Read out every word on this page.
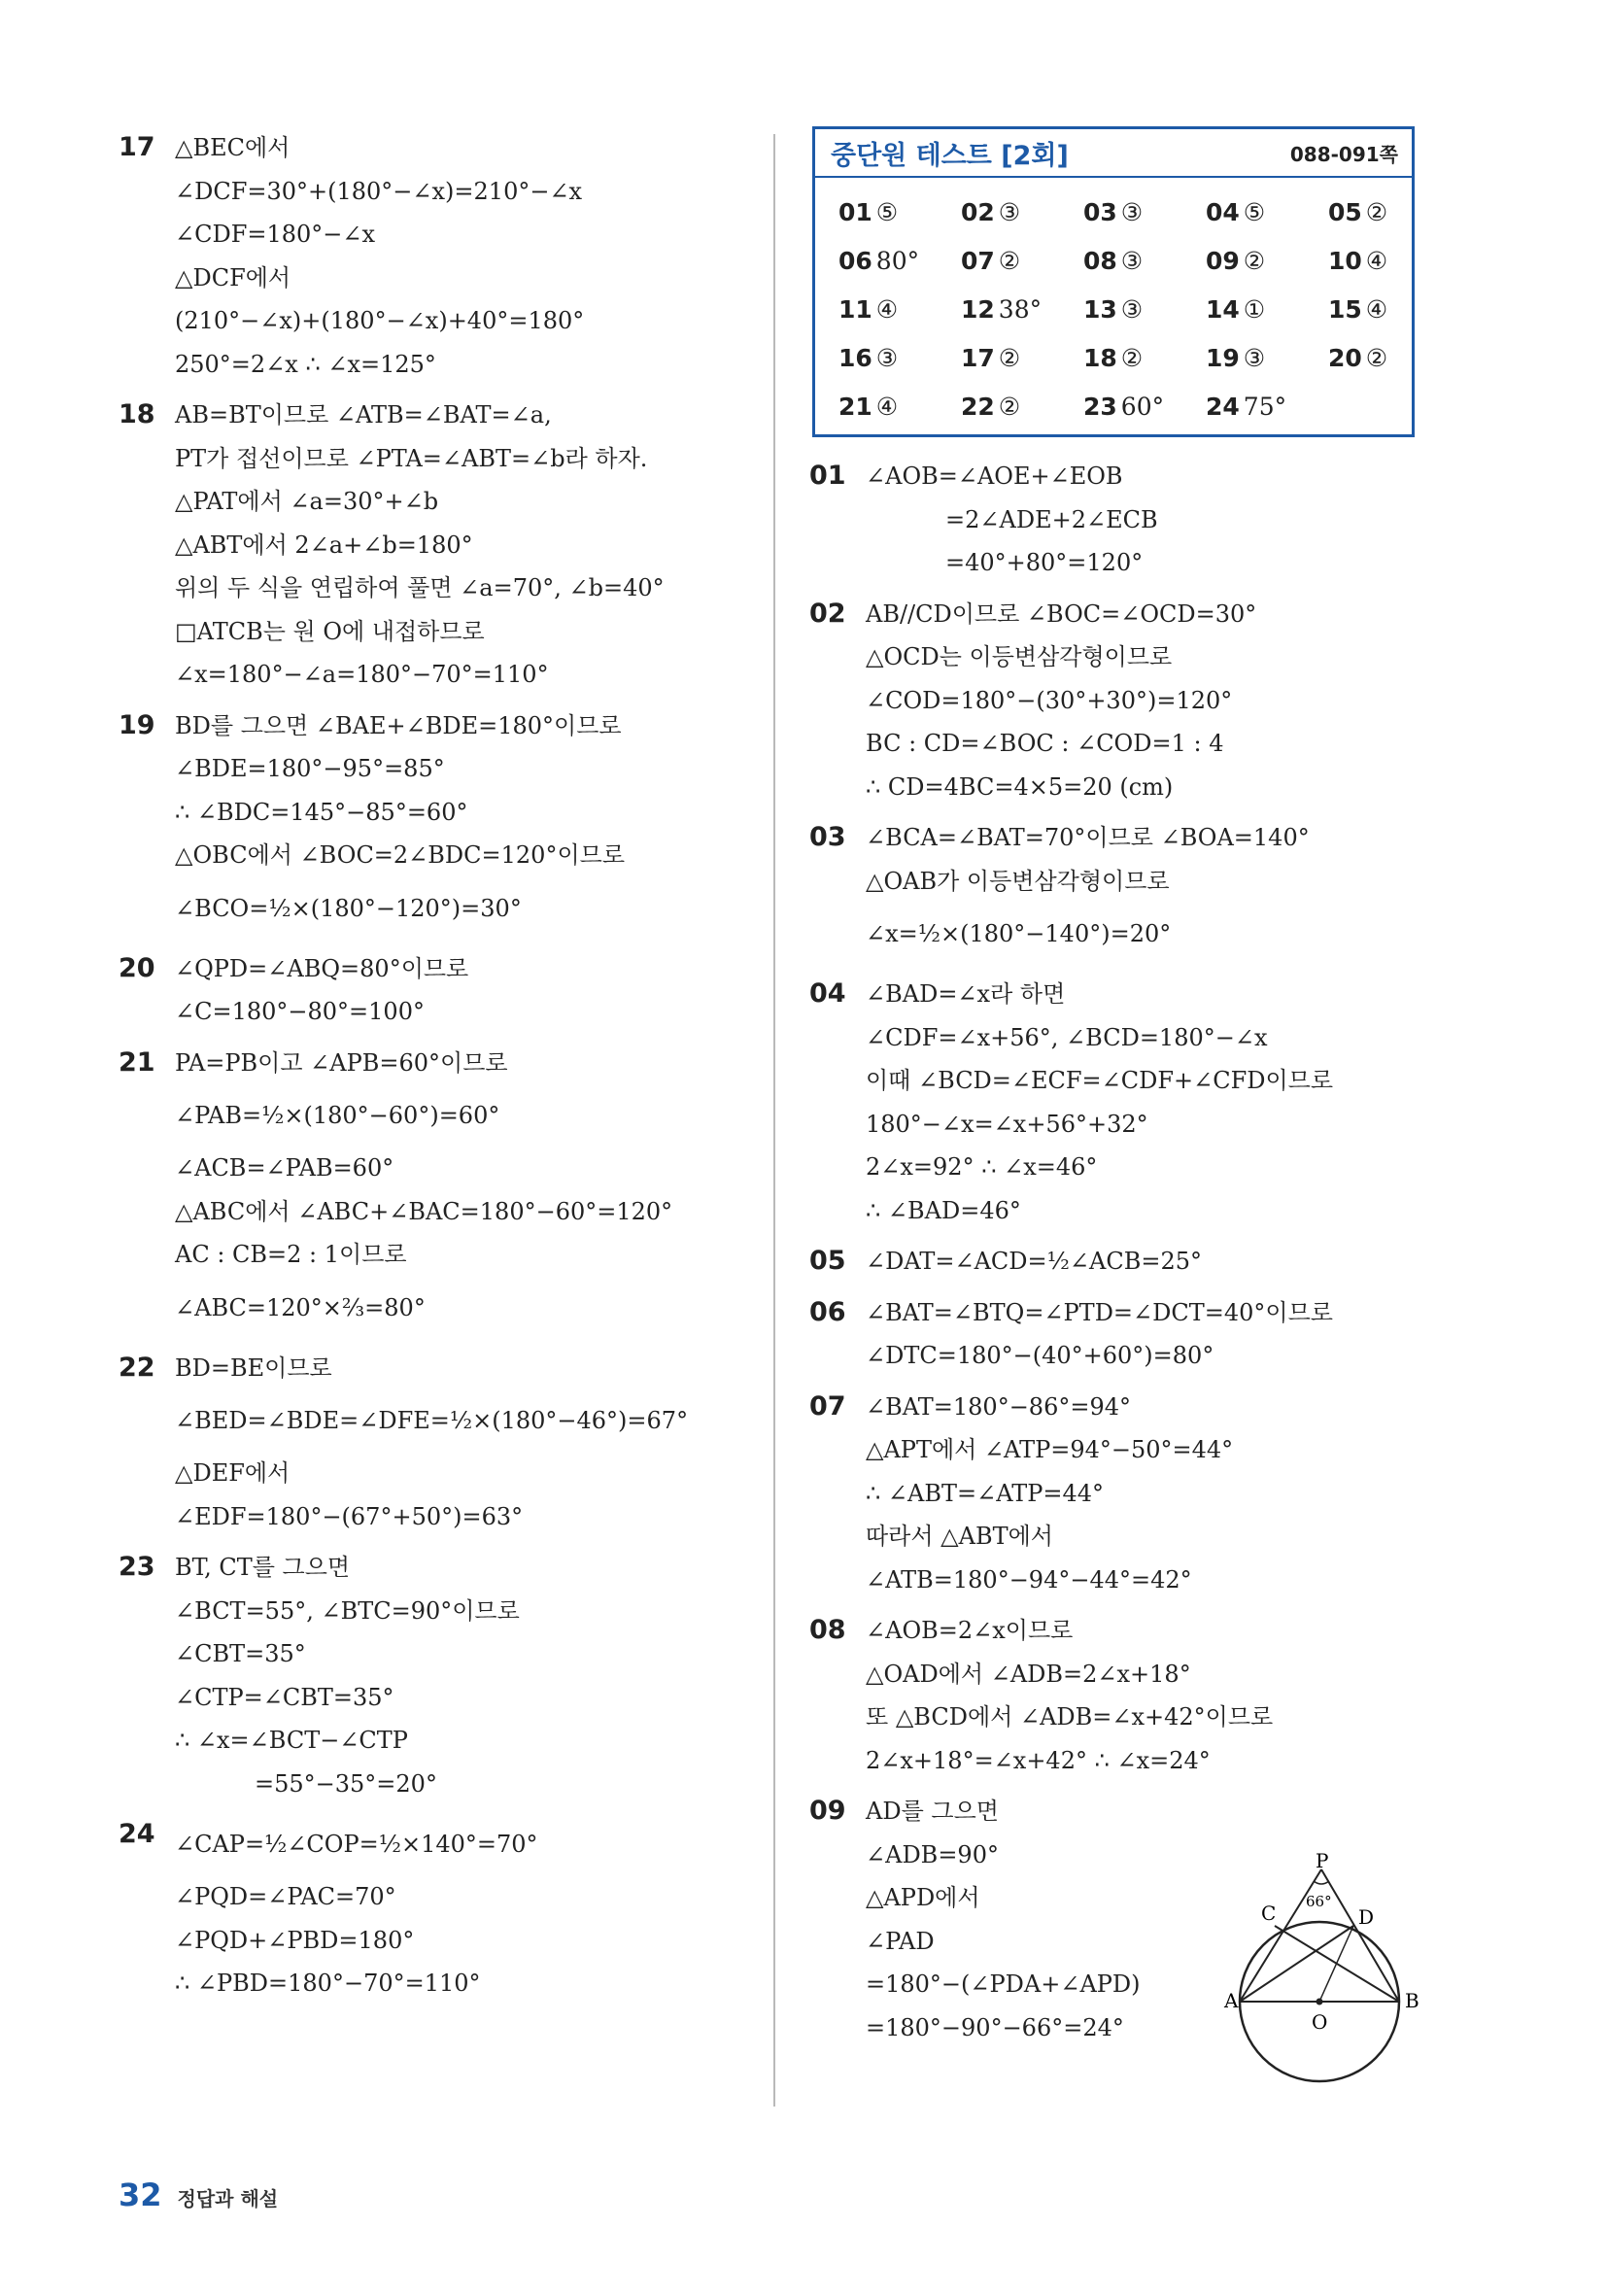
17 △BEC에서
∠DCF=30°+(180°−∠x)=210°−∠x
∠CDF=180°−∠x
△DCF에서
(210°−∠x)+(180°−∠x)+40°=180°
250°=2∠x ∴ ∠x=125°
18 AB=BT이므로 ∠ATB=∠BAT=∠a,
PT가 접선이므로 ∠PTA=∠ABT=∠b라 하자.
△PAT에서 ∠a=30°+∠b
△ABT에서 2∠a+∠b=180°
위의 두 식을 연립하여 풀면 ∠a=70°, ∠b=40°
□ATCB는 원 O에 내접하므로
∠x=180°−∠a=180°−70°=110°
19 BD를 그으면 ∠BAE+∠BDE=180°이므로
∠BDE=180°−95°=85°
∴ ∠BDC=145°−85°=60°
△OBC에서 ∠BOC=2∠BDC=120°이므로
∠BCO=½×(180°−120°)=30°
20 ∠QPD=∠ABQ=80°이므로
∠C=180°−80°=100°
21 PA=PB이고 ∠APB=60°이므로
∠PAB=½×(180°−60°)=60°
∠ACB=∠PAB=60°
△ABC에서 ∠ABC+∠BAC=180°−60°=120°
AC : CB=2 : 1이므로
∠ABC=120°×⅔=80°
22 BD=BE이므로
∠BED=∠BDE=∠DFE=½×(180°−46°)=67°
△DEF에서
∠EDF=180°−(67°+50°)=63°
23 BT, CT를 그으면
∠BCT=55°, ∠BTC=90°이므로
∠CBT=35°
∠CTP=∠CBT=35°
∴ ∠x=∠BCT−∠CTP
=55°−35°=20°
24 ∠CAP=½∠COP=½×140°=70°
∠PQD=∠PAC=70°
∠PQD+∠PBD=180°
∴ ∠PBD=180°−70°=110°
중단원 테스트 [2회]	088-091쪽
01 ⑤	02 ③	03 ③	04 ⑤	05 ②
06 80°	07 ②	08 ③	09 ②	10 ④
11 ④	12 38°	13 ③	14 ①	15 ④
16 ③	17 ②	18 ②	19 ③	20 ②
21 ④	22 ②	23 60°	24 75°
01 ∠AOB=∠AOE+∠EOB
=2∠ADE+2∠ECB
=40°+80°=120°
02 AB//CD이므로 ∠BOC=∠OCD=30°
△OCD는 이등변삼각형이므로
∠COD=180°−(30°+30°)=120°
BC : CD=∠BOC : ∠COD=1 : 4
∴ CD=4BC=4×5=20 (cm)
03 ∠BCA=∠BAT=70°이므로 ∠BOA=140°
△OAB가 이등변삼각형이므로
∠x=½×(180°−140°)=20°
04 ∠BAD=∠x라 하면
∠CDF=∠x+56°, ∠BCD=180°−∠x
이때 ∠BCD=∠ECF=∠CDF+∠CFD이므로
180°−∠x=∠x+56°+32°
2∠x=92° ∴ ∠x=46°
∴ ∠BAD=46°
05 ∠DAT=∠ACD=½∠ACB=25°
06 ∠BAT=∠BTQ=∠PTD=∠DCT=40°이므로
∠DTC=180°−(40°+60°)=80°
07 ∠BAT=180°−86°=94°
△APT에서 ∠ATP=94°−50°=44°
∴ ∠ABT=∠ATP=44°
따라서 △ABT에서
∠ATB=180°−94°−44°=42°
08 ∠AOB=2∠x이므로
△OAD에서 ∠ADB=2∠x+18°
또 △BCD에서 ∠ADB=∠x+42°이므로
2∠x+18°=∠x+42° ∴ ∠x=24°
09 AD를 그으면
∠ADB=90°
△APD에서
∠PAD
=180°−(∠PDA+∠APD)
=180°−90°−66°=24°
P
C	D
A	B
O
66°
32 정답과 해설
